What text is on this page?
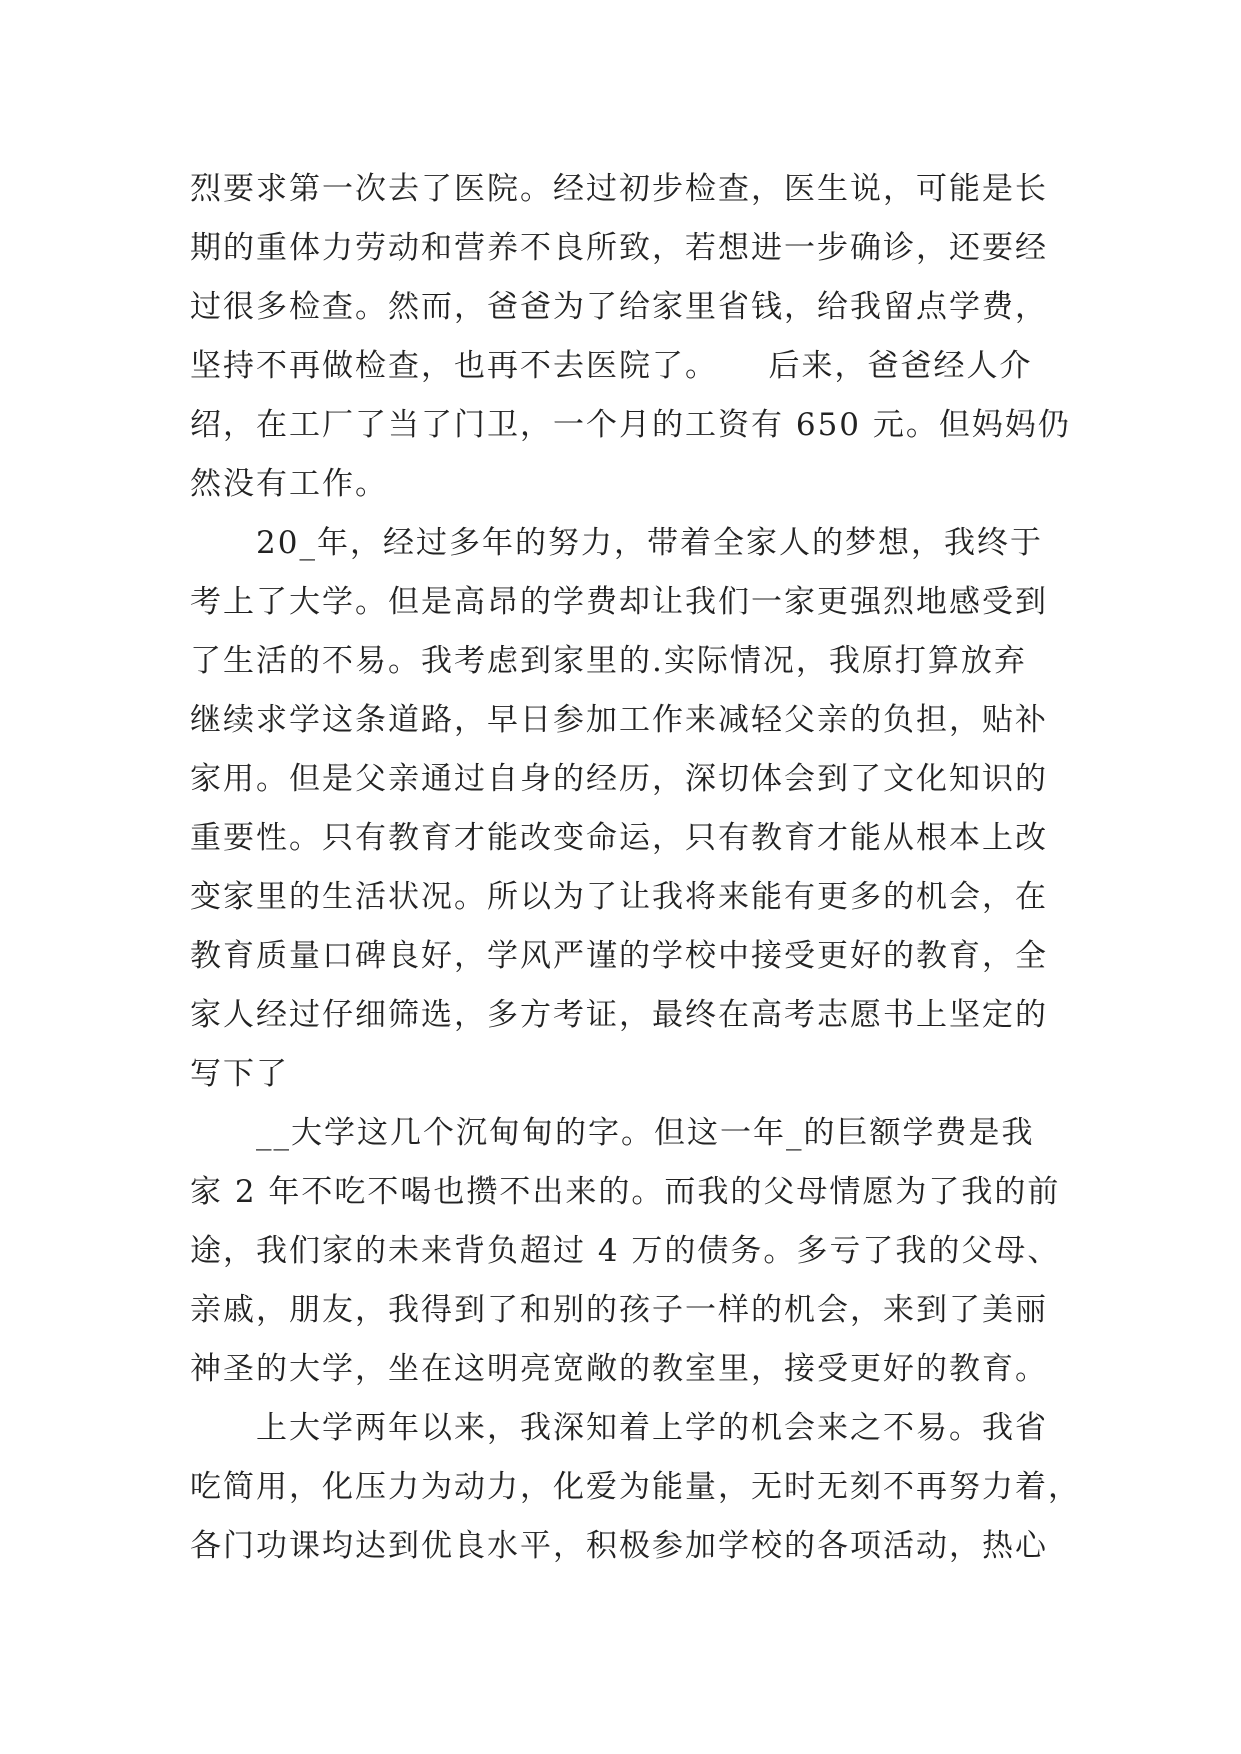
烈要求第一次去了医院。经过初步检查，医生说，可能是长
期的重体力劳动和营养不良所致，若想进一步确诊，还要经
过很多检查。然而，爸爸为了给家里省钱，给我留点学费，
坚持不再做检查，也再不去医院了。　　后来，爸爸经人介
绍，在工厂了当了门卫，一个月的工资有 650 元。但妈妈仍
然没有工作。
　　20_年，经过多年的努力，带着全家人的梦想，我终于
考上了大学。但是高昂的学费却让我们一家更强烈地感受到
了生活的不易。我考虑到家里的.实际情况，我原打算放弃
继续求学这条道路，早日参加工作来减轻父亲的负担，贴补
家用。但是父亲通过自身的经历，深切体会到了文化知识的
重要性。只有教育才能改变命运，只有教育才能从根本上改
变家里的生活状况。所以为了让我将来能有更多的机会，在
教育质量口碑良好，学风严谨的学校中接受更好的教育，全
家人经过仔细筛选，多方考证，最终在高考志愿书上坚定的
写下了
　　__大学这几个沉甸甸的字。但这一年_的巨额学费是我
家 2 年不吃不喝也攒不出来的。而我的父母情愿为了我的前
途，我们家的未来背负超过 4 万的债务。多亏了我的父母、
亲戚，朋友，我得到了和别的孩子一样的机会，来到了美丽
神圣的大学，坐在这明亮宽敞的教室里，接受更好的教育。
　　上大学两年以来，我深知着上学的机会来之不易。我省
吃简用，化压力为动力，化爱为能量，无时无刻不再努力着，
各门功课均达到优良水平，积极参加学校的各项活动，热心
